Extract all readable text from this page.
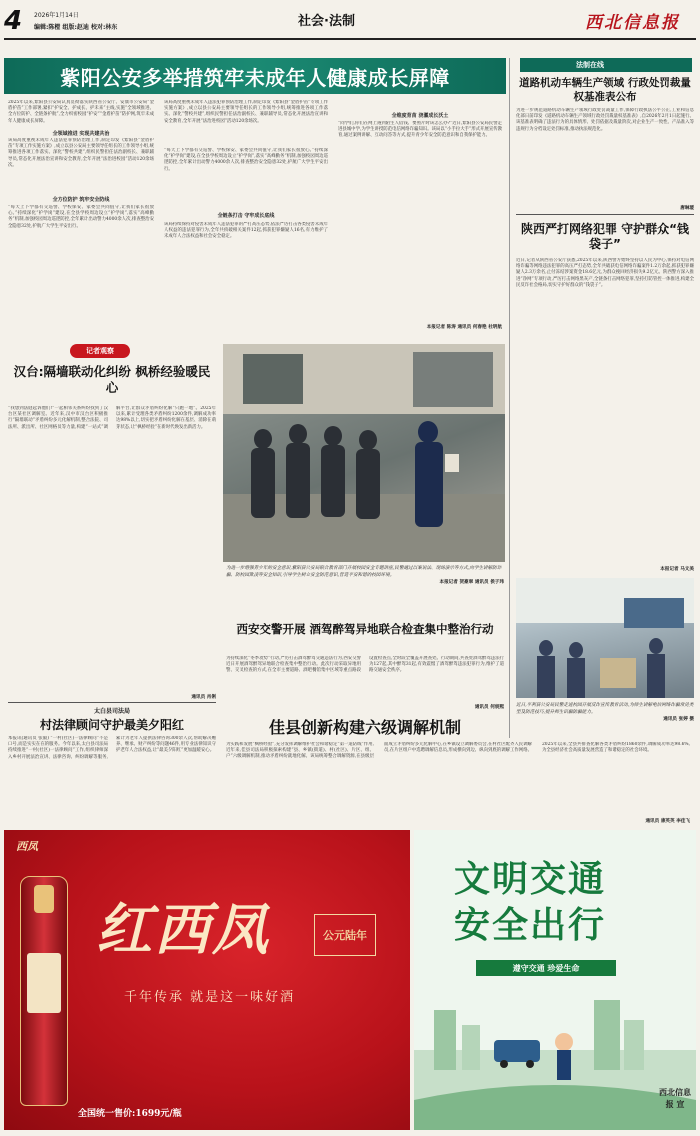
4 2026年1月14日
编辑:陈橙 组版:赵迪 校对:林东	社会·法制	西北信息报
紫阳公安多举措筑牢未成年人健康成长屏障
2025年以来,紫阳县公安局认真贯彻落实陕西省公安厅、安康市公安局“金盾护苗”工作部署,紧扣“护安全、护成长、护未来”主线,实施“全领域推进、全方位防护、全链条护航”,全力织密校园“护安”“金盾护苗”防护网,筑牢未成年人健康成长屏障。
全领域推进 实现共建共治
该局高度重视未成年人违法犯罪预防治理工作,制定印发《紫阳县“金盾护苗”专项工作实施方案》,成立以县公安局主要领导任组长的工作领导小组,统筹推进各项工作落实。深化“警校共建”,组织民警担任法治副校长、兼职辅导员,常态化开展法治宣讲和安全教育,全年开展“法治进校园”活动120余场次。
全方位防护 筑牢安全防线
“每天上下学都有交巡警、学校保安、家委会共同值守,让我们家长很放心。”持续深化“护学岗”建设,在全县学校周边设立“护学岗”,落实“高峰勤务”机制,加强校园周边巡逻防控,全年累计出动警力4000余人次,排查整治安全隐患32处,护航广大学生平安出行。
该局高度重视未成年人违法犯罪预防治理工作,制定印发《紫阳县“金盾护苗”专项工作实施方案》,成立以县公安局主要领导任组长的工作领导小组,统筹推进各项工作落实。深化“警校共建”,组织民警担任法治副校长、兼职辅导员,常态化开展法治宣讲和安全教育,全年开展“法治进校园”活动120余场次。
全链条打击 守牢成长底线
该局持续保持对侵害未成年人违法犯罪的严打高压态势,依法严厉打击各类侵害未成年人权益的违法犯罪行为,全年共侦破相关案件12起,抓获犯罪嫌疑人16名,有力维护了未成年人合法权益和社会安全稳定。
“每天上下学都有交巡警、学校保安、家委会共同值守,让我们家长很放心。”持续深化“护学岗”建设,在全县学校周边设立“护学岗”,落实“高峰勤务”机制,加强校园周边巡逻防控,全年累计出动警力4000余人次,排查整治安全隐患32处,护航广大学生平安出行。
全维度育苗 浇灌成长沃土
“同学们,你们在网上遇到陌生人借钱、要照片时该怎么办?”近日,紫阳县公安局民警走进县城中学,为学生讲授防范电信网络诈骗知识。该局以“小手拉大手”形式开展宣传教育,通过案例讲解、互动问答等方式,提升青少年安全防范意识和自我保护能力。
本报记者 陈涛 通讯员 何春艳 杜明航
为进一步增强青少年的安全意识,紫阳县公安局联合教育部门开展校园安全专题讲座,民警通过以案说法、现场演示等方式,向学生讲解防诈骗、防校园欺凌等安全知识,引导学生树立安全防范意识,营造平安和谐的校园环境。
本报记者 贺豪翠 通讯员 侯子玮
记者观察
汉台:隔墙联动化纠纷 枫桥经验暖民心
“我想到法庭起诉他们!”一起相邻关系纠纷找到了汉台区某社区调解室。近年来,汉中市汉台区积极推行“隔墙联动”矛盾纠纷多元化解机制,整合法院、司法所、派出所、社区网格员等力量,构建“一站式”调解平台,让群众矛盾纠纷化解“只跑一地”。2025年以来,累计受理各类矛盾纠纷1200余件,调解成功率达98%以上,切实把矛盾纠纷化解在基层、消除在萌芽状态,让“枫桥经验”在新时代焕发出新活力。
通讯员 肖俐
太白县司法局
村法律顾问守护最美夕阳红
本报讯(通讯员 张毅) “一村(社区)一法律顾问”不是口号,而是实实在在的服务。今年以来,太白县司法局持续推进“一村(社区)一法律顾问”工作,组织律师深入乡村开展法治宣讲、法律咨询、纠纷调解等服务,累计为老年人提供法律咨询300余人次,帮助解决赡养、继承、财产纠纷等问题46件,用专业法律知识守护老年人合法权益,让“最美夕阳红”更加温暖安心。
西安交警开展 酒驾醉驾异地联合检查集中整治行动
为持续深化“冬季攻势”行动,严厉打击酒驾醉驾交通违法行为,西安交警近日开展酒驾醉驾异地联合检查集中整治行动。此次行动采取异地用警、交叉检查的方式,在全市主要道路、酒吧餐馆集中区域等重点路段设置检查点,全时段全覆盖开展查处。行动期间,共查处酒驾醉驾违法行为127起,其中醉驾31起,有效震慑了酒驾醉驾违法犯罪行为,维护了道路交通安全秩序。
通讯员 何宸熙
佳县创新构建六级调解机制
为实践和发展“枫桥经验”,充分发挥调解维护社会和谐稳定“第一道防线”作用,近年来,佳县司法局积极探索构建“县、乡镇(街道)、村(社区)、片区、组、户”六级调解机制,推动矛盾纠纷就地化解。该局统筹整合调解资源,在县级层面成立矛盾纠纷多元化解中心,在乡镇设立调解委员会,在村社区配齐人民调解员,在片区组户中选聘调解信息员,形成横向到边、纵向到底的调解工作网络。2025年以来,全县共排查化解各类矛盾纠纷1860余件,调解成功率达98.6%,为全县经济社会高质量发展营造了和谐稳定的社会环境。
通讯员 康英英 李佳飞
法制在线
道路机动车辆生产领域 行政处罚裁量权基准表公布
为进一步规范道路机动车辆生产领域行政处罚裁量工作,保障行政执法公平公正,工业和信息化部日前印发《道路机动车辆生产领域行政处罚裁量权基准表》,自2026年2月1日起施行。该基准表明确了违法行为的具体情形、处罚依据及裁量阶次,对企业生产一致性、产品准入等违规行为分档设定处罚标准,推动执法规范化。
唐琳瑗
陕西严打网络犯罪 守护群众“钱袋子”
近日,记者从陕西省公安厅获悉,2025年以来,陕西警方始终坚持以人民为中心,保持对电信网络诈骗等网络违法犯罪的高压严打态势,全年共破获电信网络诈骗案件1.2万余起,抓获犯罪嫌疑人2.3万余名,止付冻结涉案资金18.6亿元,为群众挽回经济损失9.2亿元。陕西警方深入推进“净网”专项行动,严厉打击网络黑灰产,全链条打击网络犯罪,坚持打防管控一体推进,构建全民反诈社会格局,切实守护好群众的“钱袋子”。
本报记者 马文美
近日,平利县公安局民警走进校园开展反诈宣传教育活动,为师生讲解电信网络诈骗常见类型及防范技巧,提升师生识骗防骗能力。
通讯员 张婷 摄
西凤
红西凤	公元陆年
千年传承 就是这一味好酒
全国统一售价:1699元/瓶
文明交通
安全出行
遵守交通 珍爱生命
西北信息报 宣
